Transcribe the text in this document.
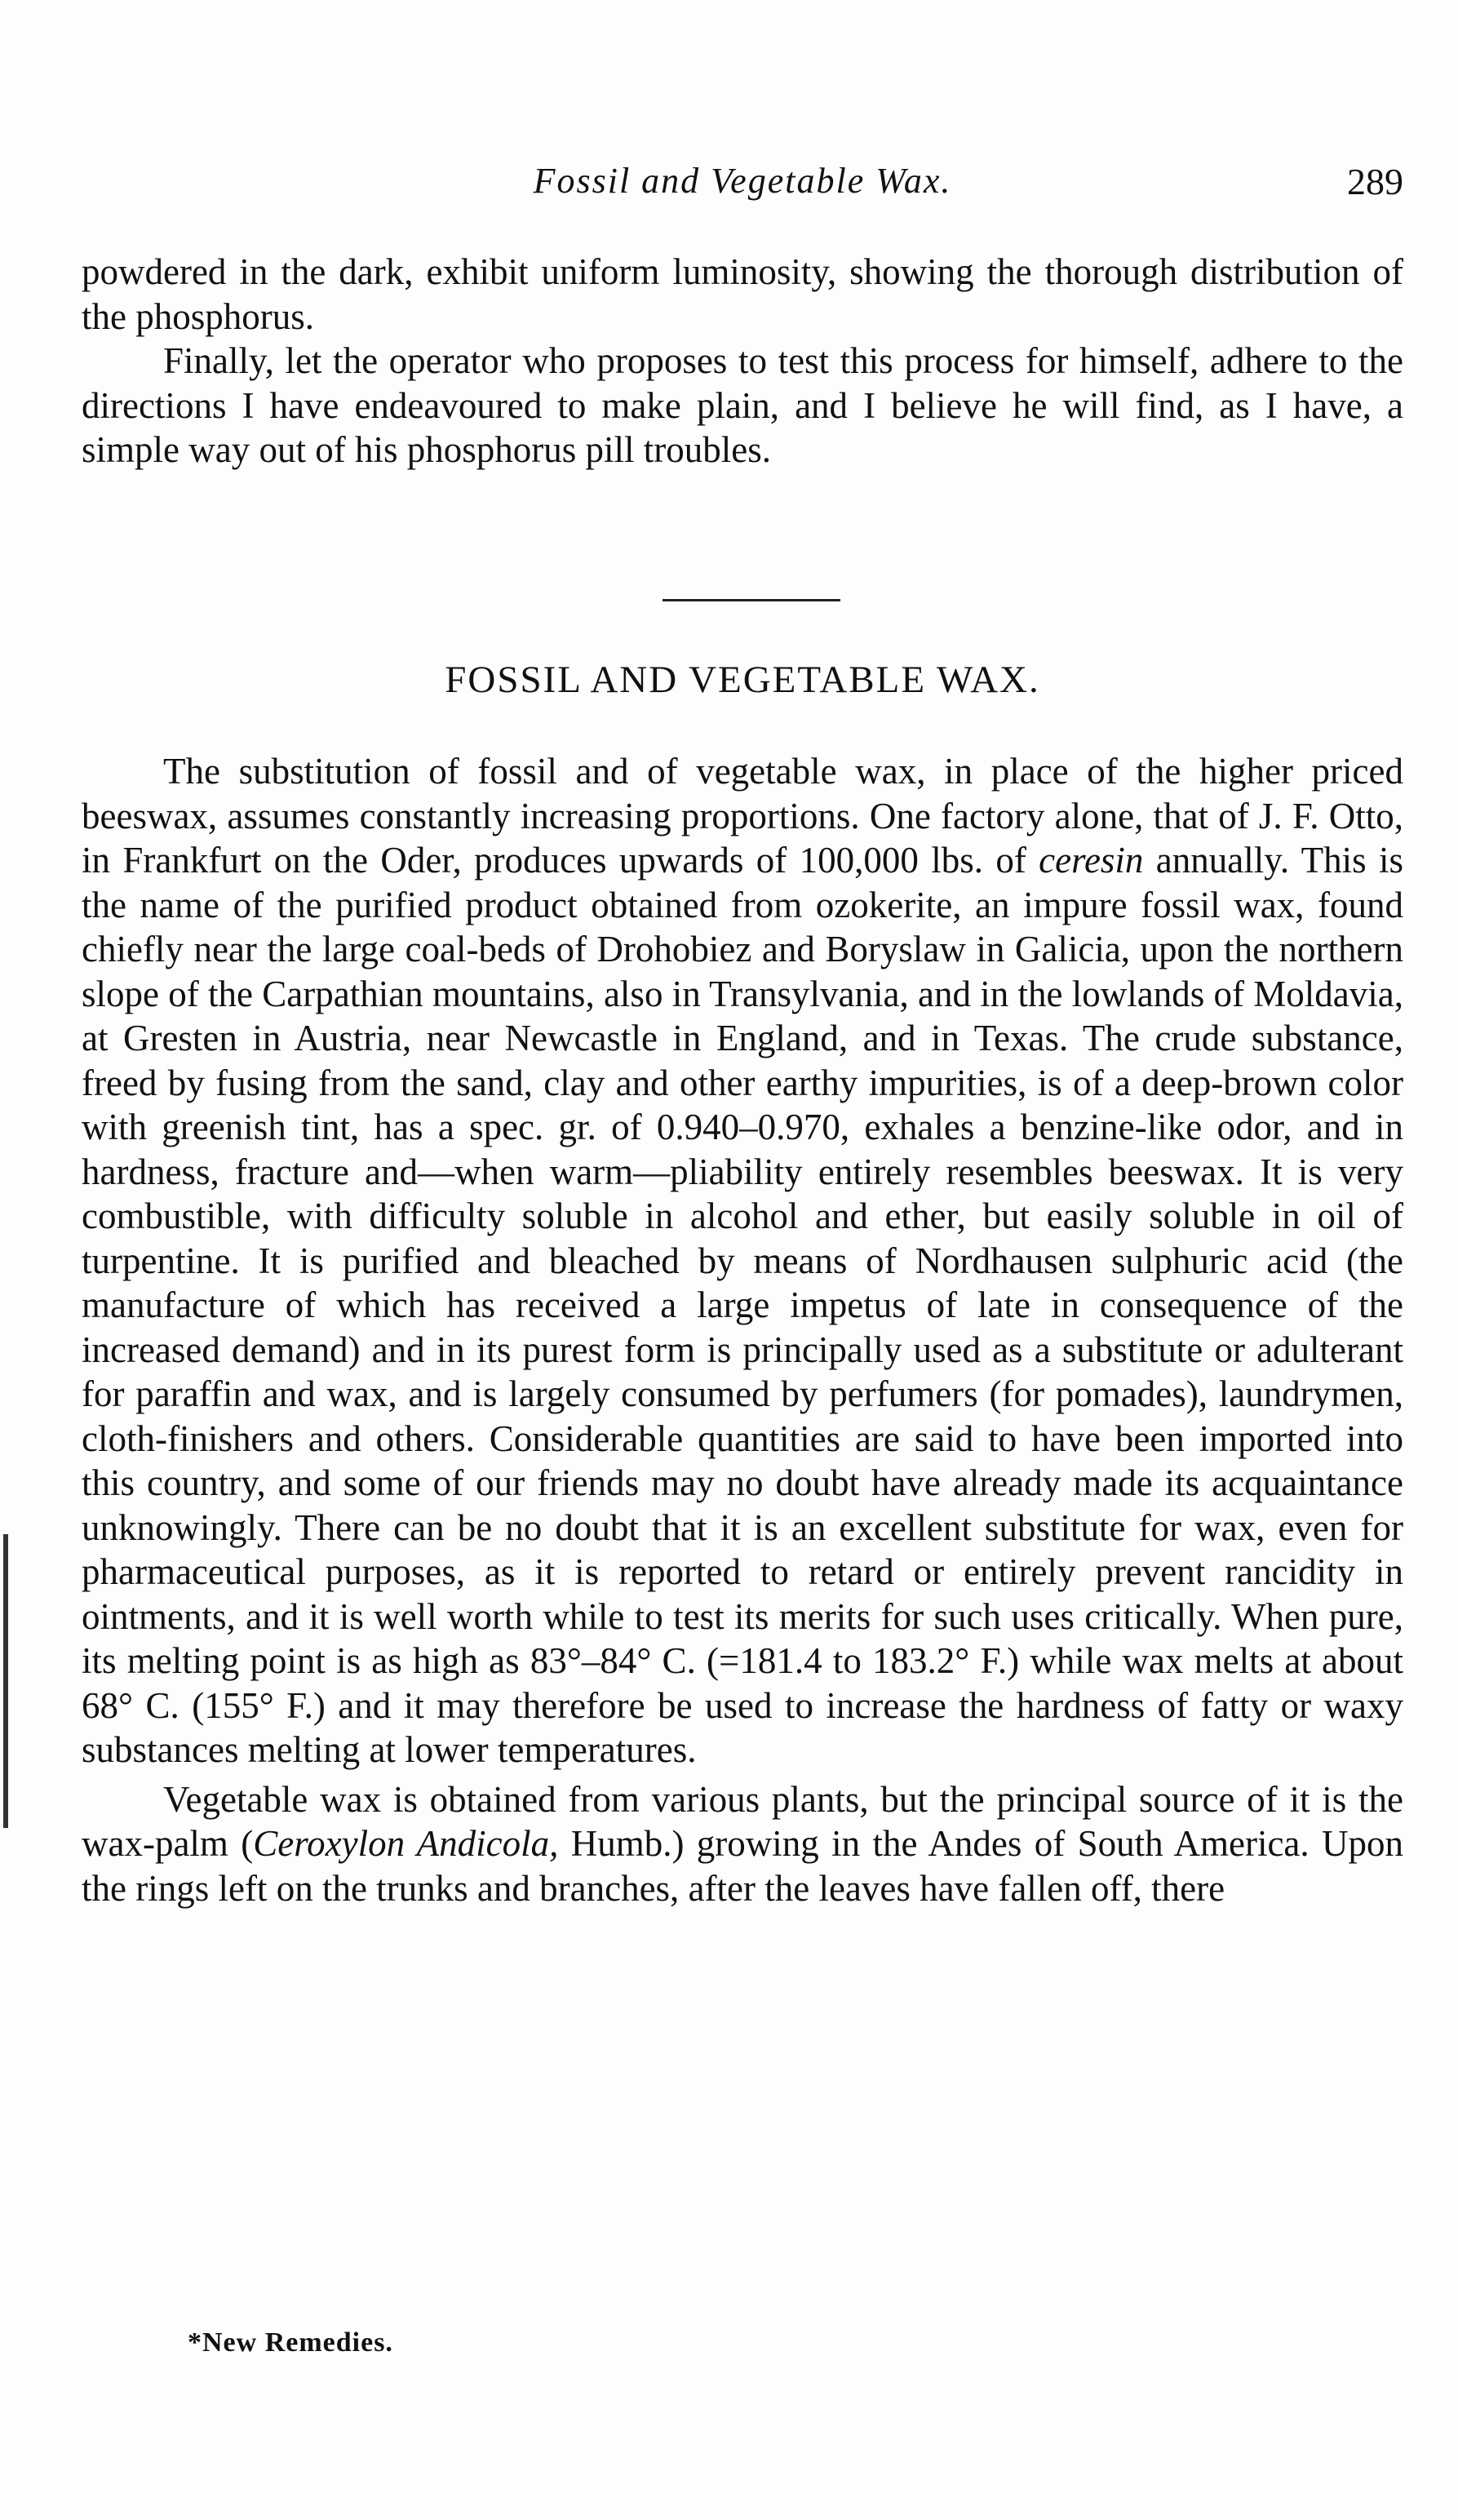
Fossil and Vegetable Wax.	289

powdered in the dark, exhibit uniform luminosity, showing the thorough distribution of the phosphorus.

Finally, let the operator who proposes to test this process for himself, adhere to the directions I have endeavoured to make plain, and I believe he will find, as I have, a simple way out of his phosphorus pill troubles.

FOSSIL AND VEGETABLE WAX.

The substitution of fossil and of vegetable wax, in place of the higher priced beeswax, assumes constantly increasing proportions. One factory alone, that of J. F. Otto, in Frankfurt on the Oder, produces upwards of 100,000 lbs. of ceresin annually. This is the name of the purified product obtained from ozokerite, an impure fossil wax, found chiefly near the large coal-beds of Drohobiez and Boryslaw in Galicia, upon the northern slope of the Carpathian mountains, also in Transylvania, and in the lowlands of Moldavia, at Gresten in Austria, near Newcastle in England, and in Texas. The crude substance, freed by fusing from the sand, clay and other earthy impurities, is of a deep-brown color with greenish tint, has a spec. gr. of 0.940–0.970, exhales a benzine-like odor, and in hardness, fracture and—when warm—pliability entirely resembles beeswax. It is very combustible, with difficulty soluble in alcohol and ether, but easily soluble in oil of turpentine. It is purified and bleached by means of Nordhausen sulphuric acid (the manufacture of which has received a large impetus of late in consequence of the increased demand) and in its purest form is principally used as a substitute or adulterant for paraffin and wax, and is largely consumed by perfumers (for pomades), laundrymen, cloth-finishers and others. Considerable quantities are said to have been imported into this country, and some of our friends may no doubt have already made its acquaintance unknowingly. There can be no doubt that it is an excellent substitute for wax, even for pharmaceutical purposes, as it is reported to retard or entirely prevent rancidity in ointments, and it is well worth while to test its merits for such uses critically. When pure, its melting point is as high as 83°–84° C. (=181.4 to 183.2° F.) while wax melts at about 68° C. (155° F.) and it may therefore be used to increase the hardness of fatty or waxy substances melting at lower temperatures.

Vegetable wax is obtained from various plants, but the principal source of it is the wax-palm (Ceroxylon Andicola, Humb.) growing in the Andes of South America. Upon the rings left on the trunks and branches, after the leaves have fallen off, there

*New Remedies.
